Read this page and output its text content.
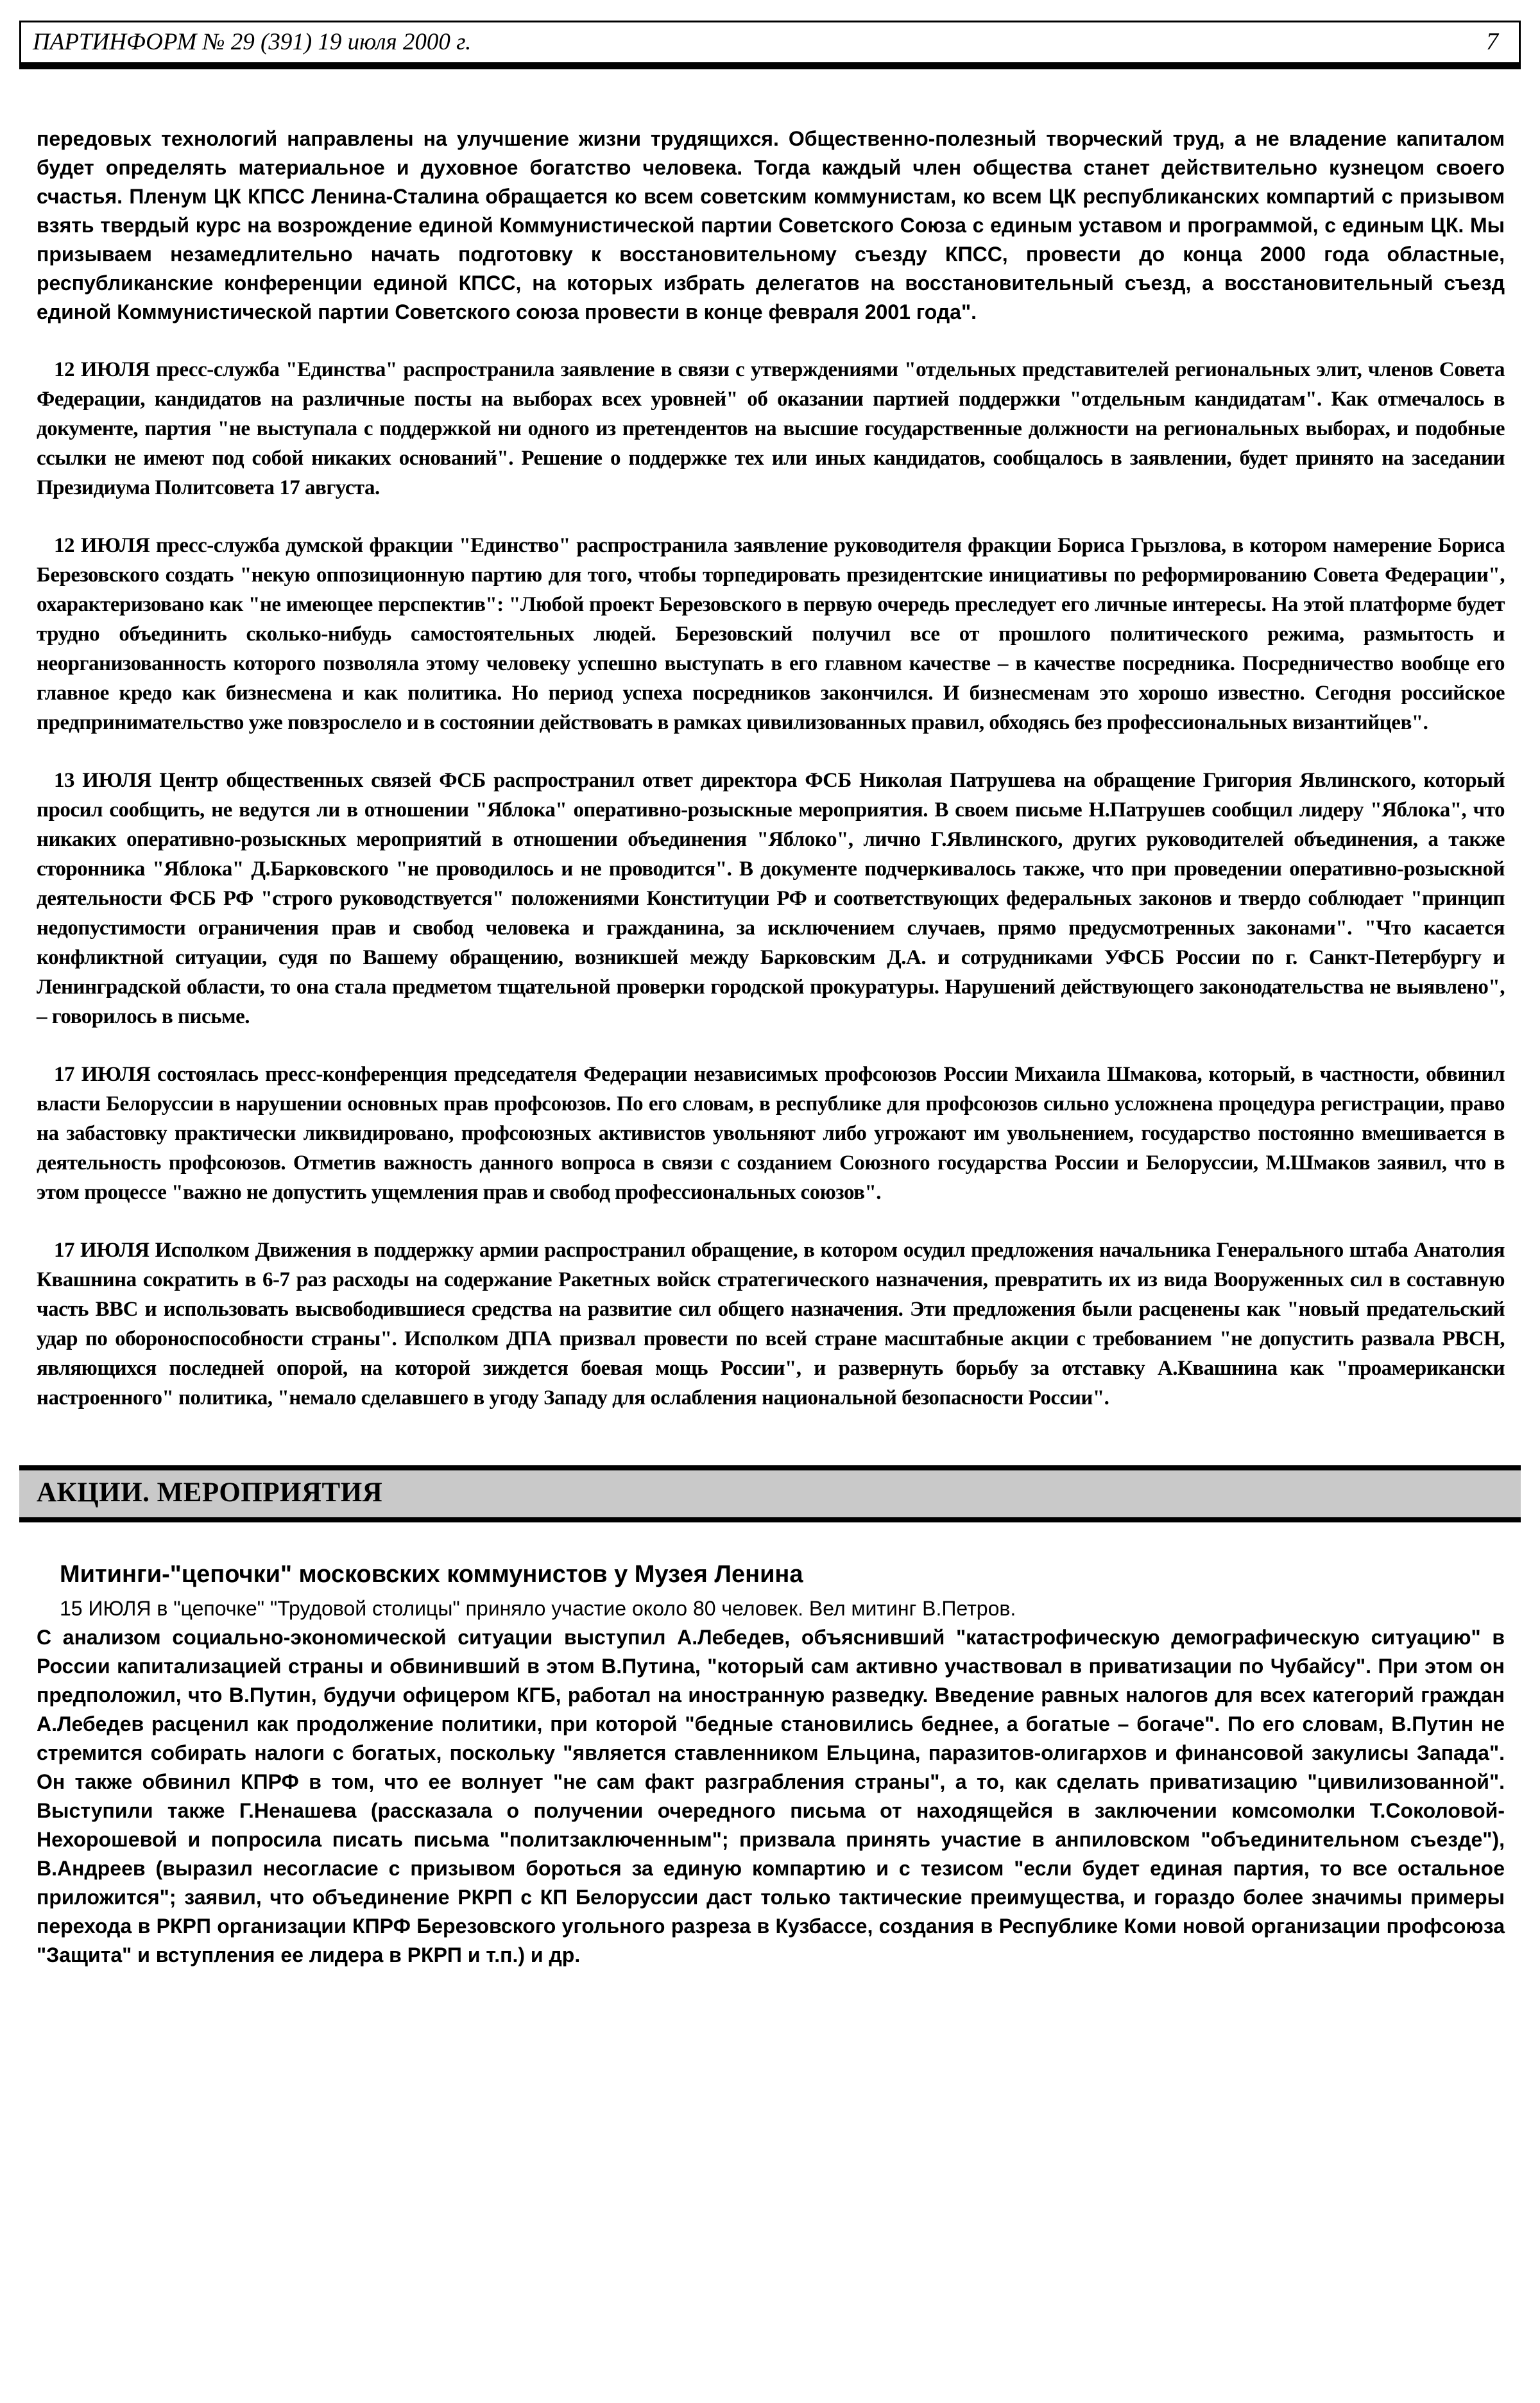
ПАРТИНФОРМ № 29 (391) 19 июля 2000 г.	7

передовых технологий направлены на улучшение жизни трудящихся. Общественно-полезный творческий труд, а не владение капиталом будет определять материальное и духовное богатство человека. Тогда каждый член общества станет действительно кузнецом своего счастья. Пленум ЦК КПСС Ленина-Сталина обращается ко всем советским коммунистам, ко всем ЦК республиканских компартий с призывом взять твердый курс на возрождение единой Коммунистической партии Советского Союза с единым уставом и программой, с единым ЦК. Мы призываем незамедлительно начать подготовку к восстановительному съезду КПСС, провести до конца 2000 года областные, республиканские конференции единой КПСС, на которых избрать делегатов на восстановительный съезд, а восстановительный съезд единой Коммунистической партии Советского союза провести в конце февраля 2001 года".

12 ИЮЛЯ пресс-служба "Единства" распространила заявление в связи с утверждениями "отдельных представителей региональных элит, членов Совета Федерации, кандидатов на различные посты на выборах всех уровней" об оказании партией поддержки "отдельным кандидатам". Как отмечалось в документе, партия "не выступала с поддержкой ни одного из претендентов на высшие государственные должности на региональных выборах, и подобные ссылки не имеют под собой никаких оснований". Решение о поддержке тех или иных кандидатов, сообщалось в заявлении, будет принято на заседании Президиума Политсовета 17 августа.

12 ИЮЛЯ пресс-служба думской фракции "Единство" распространила заявление руководителя фракции Бориса Грызлова, в котором намерение Бориса Березовского создать "некую оппозиционную партию для того, чтобы торпедировать президентские инициативы по реформированию Совета Федерации", охарактеризовано как "не имеющее перспектив": "Любой проект Березовского в первую очередь преследует его личные интересы. На этой платформе будет трудно объединить сколько-нибудь самостоятельных людей. Березовский получил все от прошлого политического режима, размытость и неорганизованность которого позволяла этому человеку успешно выступать в его главном качестве – в качестве посредника. Посредничество вообще его главное кредо как бизнесмена и как политика. Но период успеха посредников закончился. И бизнесменам это хорошо известно. Сегодня российское предпринимательство уже повзрослело и в состоянии действовать в рамках цивилизованных правил, обходясь без профессиональных византийцев".

13 ИЮЛЯ Центр общественных связей ФСБ распространил ответ директора ФСБ Николая Патрушева на обращение Григория Явлинского, который просил сообщить, не ведутся ли в отношении "Яблока" оперативно-розыскные мероприятия. В своем письме Н.Патрушев сообщил лидеру "Яблока", что никаких оперативно-розыскных мероприятий в отношении объединения "Яблоко", лично Г.Явлинского, других руководителей объединения, а также сторонника "Яблока" Д.Барковского "не проводилось и не проводится". В документе подчеркивалось также, что при проведении оперативно-розыскной деятельности ФСБ РФ "строго руководствуется" положениями Конституции РФ и соответствующих федеральных законов и твердо соблюдает "принцип недопустимости ограничения прав и свобод человека и гражданина, за исключением случаев, прямо предусмотренных законами". "Что касается конфликтной ситуации, судя по Вашему обращению, возникшей между Барковским Д.А. и сотрудниками УФСБ России по г. Санкт-Петербургу и Ленинградской области, то она стала предметом тщательной проверки городской прокуратуры. Нарушений действующего законодательства не выявлено", – говорилось в письме.

17 ИЮЛЯ состоялась пресс-конференция председателя Федерации независимых профсоюзов России Михаила Шмакова, который, в частности, обвинил власти Белоруссии в нарушении основных прав профсоюзов. По его словам, в республике для профсоюзов сильно усложнена процедура регистрации, право на забастовку практически ликвидировано, профсоюзных активистов увольняют либо угрожают им увольнением, государство постоянно вмешивается в деятельность профсоюзов. Отметив важность данного вопроса в связи с созданием Союзного государства России и Белоруссии, М.Шмаков заявил, что в этом процессе "важно не допустить ущемления прав и свобод профессиональных союзов".

17 ИЮЛЯ Исполком Движения в поддержку армии распространил обращение, в котором осудил предложения начальника Генерального штаба Анатолия Квашнина сократить в 6-7 раз расходы на содержание Ракетных войск стратегического назначения, превратить их из вида Вооруженных сил в составную часть ВВС и использовать высвободившиеся средства на развитие сил общего назначения. Эти предложения были расценены как "новый предательский удар по обороноспособности страны". Исполком ДПА призвал провести по всей стране масштабные акции с требованием "не допустить развала РВСН, являющихся последней опорой, на которой зиждется боевая мощь России", и развернуть борьбу за отставку А.Квашнина как "проамерикански настроенного" политика, "немало сделавшего в угоду Западу для ослабления национальной безопасности России".

АКЦИИ. МЕРОПРИЯТИЯ
Митинги-"цепочки" московских коммунистов у Музея Ленина

15 ИЮЛЯ в "цепочке" "Трудовой столицы" приняло участие около 80 человек. Вел митинг В.Петров.

С анализом социально-экономической ситуации выступил А.Лебедев, объяснивший "катастрофическую демографическую ситуацию" в России капитализацией страны и обвинивший в этом В.Путина, "который сам активно участвовал в приватизации по Чубайсу". При этом он предположил, что В.Путин, будучи офицером КГБ, работал на иностранную разведку. Введение равных налогов для всех категорий граждан А.Лебедев расценил как продолжение политики, при которой "бедные становились беднее, а богатые – богаче". По его словам, В.Путин не стремится собирать налоги с богатых, поскольку "является ставленником Ельцина, паразитов-олигархов и финансовой закулисы Запада". Он также обвинил КПРФ в том, что ее волнует "не сам факт разграбления страны", а то, как сделать приватизацию "цивилизованной". Выступили также Г.Ненашева (рассказала о получении очередного письма от находящейся в заключении комсомолки Т.Соколовой-Нехорошевой и попросила писать письма "политзаключенным"; призвала принять участие в анпиловском "объединительном съезде"), В.Андреев (выразил несогласие с призывом бороться за единую компартию и с тезисом "если будет единая партия, то все остальное приложится"; заявил, что объединение РКРП с КП Белоруссии даст только тактические преимущества, и гораздо более значимы примеры перехода в РКРП организации КПРФ Березовского угольного разреза в Кузбассе, создания в Республике Коми новой организации профсоюза "Защита" и вступления ее лидера в РКРП и т.п.) и др.
